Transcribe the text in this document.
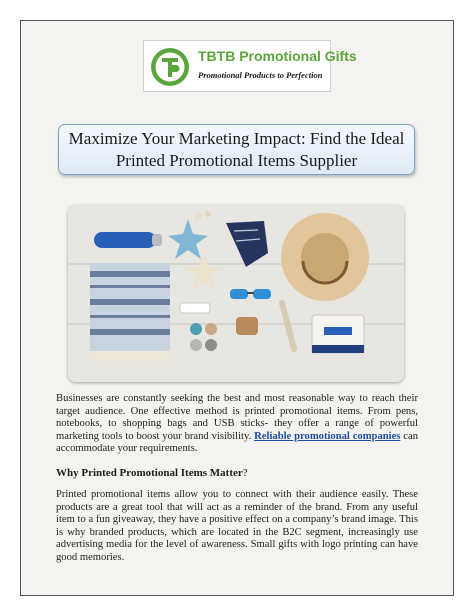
TBTB Promotional Gifts
Promotional Products to Perfection
Maximize Your Marketing Impact: Find the Ideal
Printed Promotional Items Supplier
Businesses are constantly seeking the best and most reasonable way to reach their target audience. One effective method is printed promotional items. From pens, notebooks, to shopping bags and USB sticks- they offer a range of powerful marketing tools to boost your brand visibility. Reliable promotional companies can accommodate your requirements.
Why Printed Promotional Items Matter?
Printed promotional items allow you to connect with their audience easily. These products are a great tool that will act as a reminder of the brand. From any useful item to a fun giveaway, they have a positive effect on a company’s brand image. This is why branded products, which are located in the B2C segment, increasingly use advertising media for the level of awareness. Small gifts with logo printing can have good memories.
